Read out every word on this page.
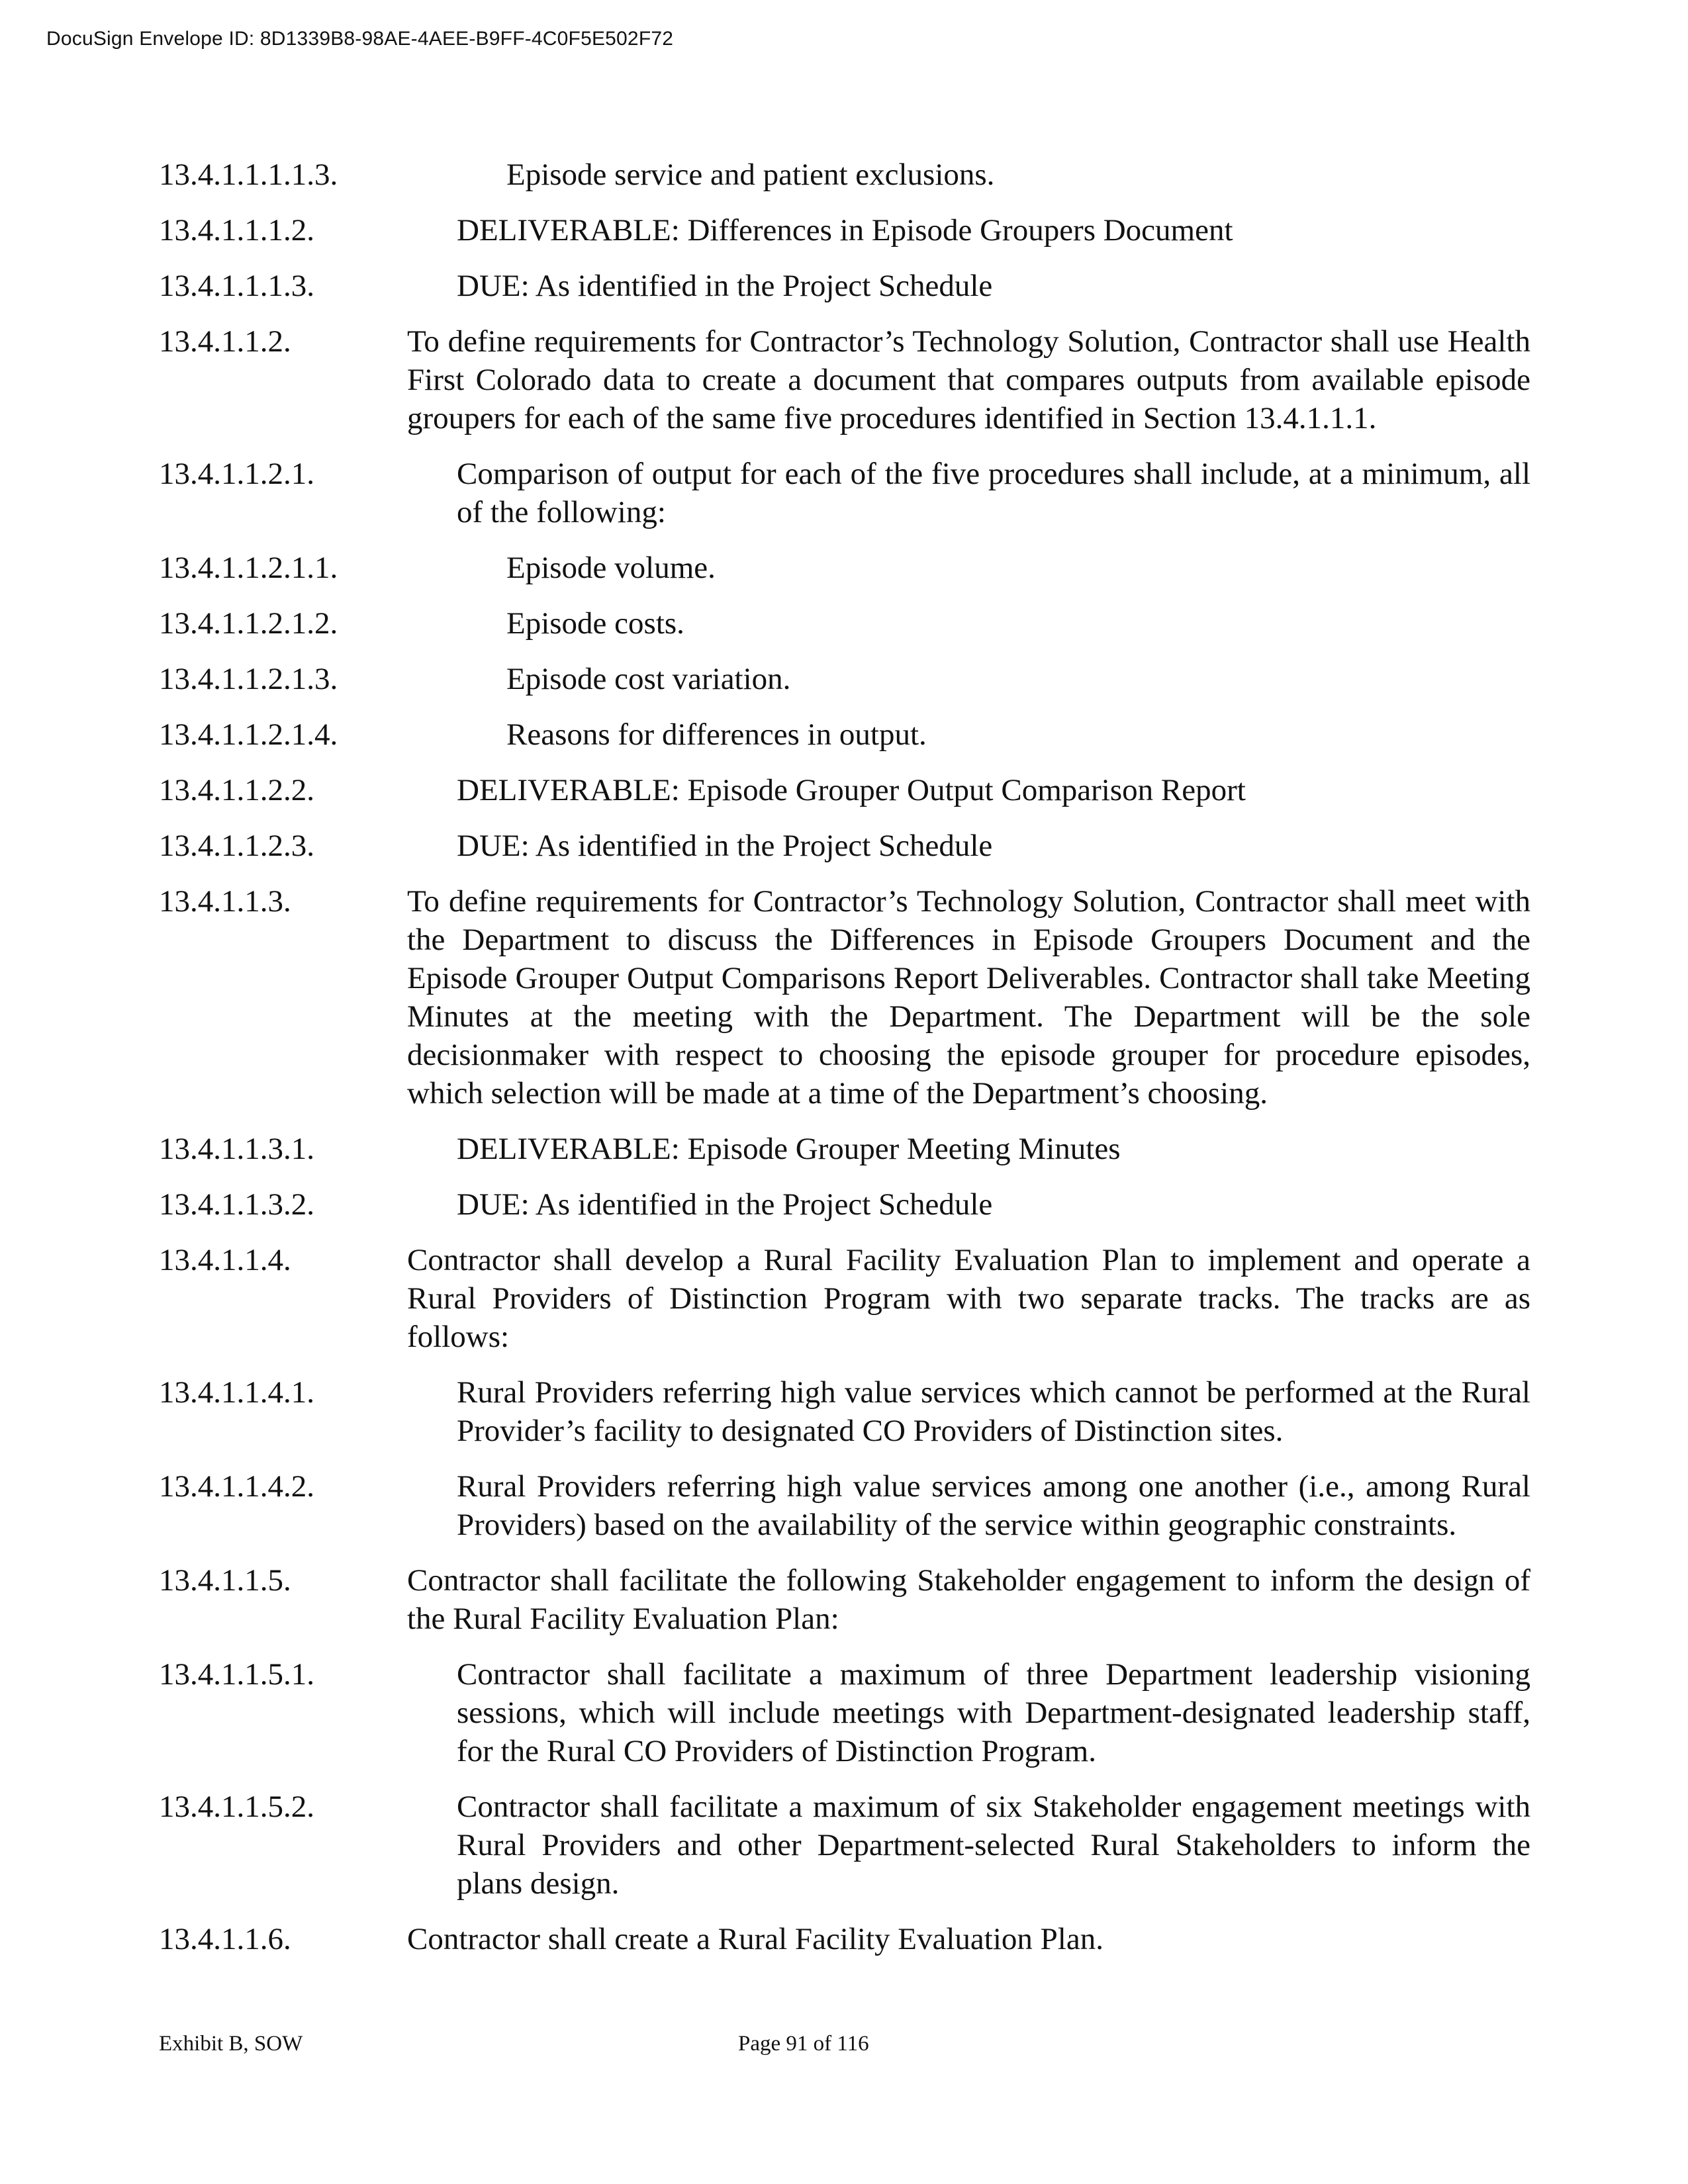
DocuSign Envelope ID: 8D1339B8-98AE-4AEE-B9FF-4C0F5E502F72
13.4.1.1.1.1.3.	Episode service and patient exclusions.
13.4.1.1.1.2.	DELIVERABLE: Differences in Episode Groupers Document
13.4.1.1.1.3.	DUE: As identified in the Project Schedule
13.4.1.1.2.	To define requirements for Contractor’s Technology Solution, Contractor shall use Health First Colorado data to create a document that compares outputs from available episode groupers for each of the same five procedures identified in Section 13.4.1.1.1.
13.4.1.1.2.1.	Comparison of output for each of the five procedures shall include, at a minimum, all of the following:
13.4.1.1.2.1.1.	Episode volume.
13.4.1.1.2.1.2.	Episode costs.
13.4.1.1.2.1.3.	Episode cost variation.
13.4.1.1.2.1.4.	Reasons for differences in output.
13.4.1.1.2.2.	DELIVERABLE: Episode Grouper Output Comparison Report
13.4.1.1.2.3.	DUE: As identified in the Project Schedule
13.4.1.1.3.	To define requirements for Contractor’s Technology Solution, Contractor shall meet with the Department to discuss the Differences in Episode Groupers Document and the Episode Grouper Output Comparisons Report Deliverables. Contractor shall take Meeting Minutes at the meeting with the Department. The Department will be the sole decisionmaker with respect to choosing the episode grouper for procedure episodes, which selection will be made at a time of the Department’s choosing.
13.4.1.1.3.1.	DELIVERABLE: Episode Grouper Meeting Minutes
13.4.1.1.3.2.	DUE: As identified in the Project Schedule
13.4.1.1.4.	Contractor shall develop a Rural Facility Evaluation Plan to implement and operate a Rural Providers of Distinction Program with two separate tracks. The tracks are as follows:
13.4.1.1.4.1.	Rural Providers referring high value services which cannot be performed at the Rural Provider’s facility to designated CO Providers of Distinction sites.
13.4.1.1.4.2.	Rural Providers referring high value services among one another (i.e., among Rural Providers) based on the availability of the service within geographic constraints.
13.4.1.1.5.	Contractor shall facilitate the following Stakeholder engagement to inform the design of the Rural Facility Evaluation Plan:
13.4.1.1.5.1.	Contractor shall facilitate a maximum of three Department leadership visioning sessions, which will include meetings with Department-designated leadership staff, for the Rural CO Providers of Distinction Program.
13.4.1.1.5.2.	Contractor shall facilitate a maximum of six Stakeholder engagement meetings with Rural Providers and other Department-selected Rural Stakeholders to inform the plans design.
13.4.1.1.6.	Contractor shall create a Rural Facility Evaluation Plan.
Exhibit B, SOW	Page 91 of 116
